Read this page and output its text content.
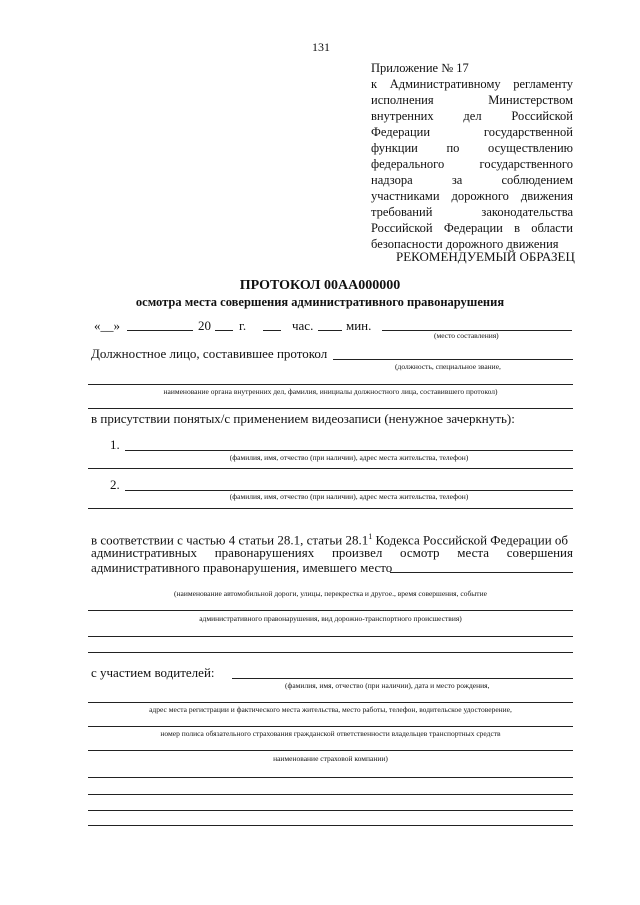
131
Приложение № 17
к Административному регламенту
исполнения Министерством
внутренних дел Российской
Федерации государственной
функции по осуществлению
федерального государственного
надзора за соблюдением
участниками дорожного движения
требований законодательства
Российской Федерации в области
безопасности дорожного движения
РЕКОМЕНДУЕМЫЙ ОБРАЗЕЦ
ПРОТОКОЛ 00АА000000
осмотра места совершения административного правонарушения
«__»	20 г.	час.	мин.
(место составления)
Должностное лицо, составившее протокол
(должность, специальное звание,
наименование органа внутренних дел, фамилия, инициалы должностного лица, составившего протокол)
в присутствии понятых/с применением видеозаписи (ненужное зачеркнуть):
1.
(фамилия, имя, отчество (при наличии), адрес места жительства, телефон)
2.
(фамилия, имя, отчество (при наличии), адрес места жительства, телефон)
в соответствии с частью 4 статьи 28.1, статьи 28.1$^1$ Кодекса Российской Федерации об
административных правонарушениях произвел осмотр места совершения
административного правонарушения, имевшего место
(наименование автомобильной дороги, улицы, перекрестка и другое., время совершения, событие
административного правонарушения, вид дорожно-транспортного происшествия)
с участием водителей:
(фамилия, имя, отчество (при наличии), дата и место рождения,
адрес места регистрации и фактического места жительства, место работы, телефон, водительское удостоверение,
номер полиса обязательного страхования гражданской ответственности владельцев транспортных средств
наименование страховой компании)
